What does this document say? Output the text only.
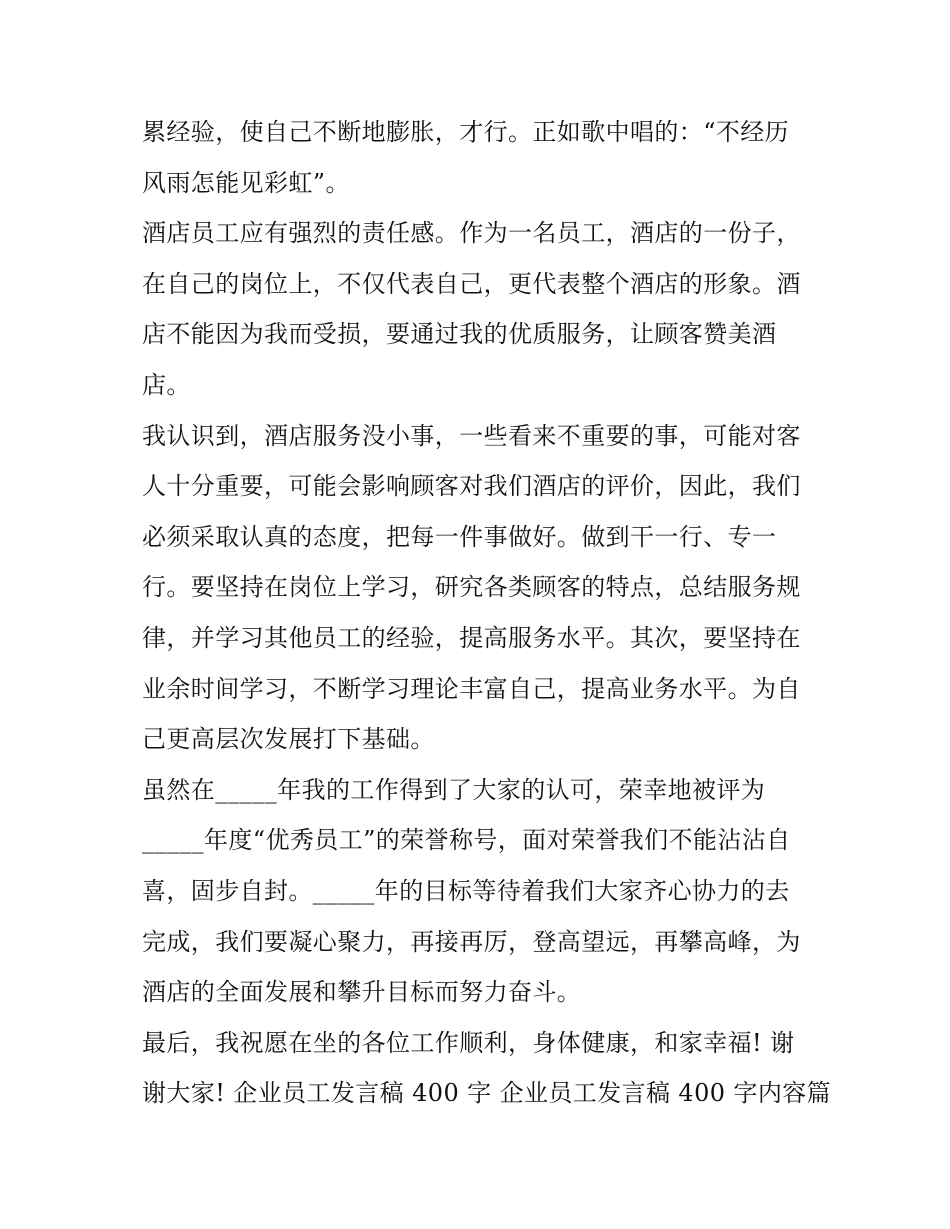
累经验，使自己不断地膨胀，才行。正如歌中唱的：“不经历
风雨怎能见彩虹”。
酒店员工应有强烈的责任感。作为一名员工，酒店的一份子，
在自己的岗位上，不仅代表自己，更代表整个酒店的形象。酒
店不能因为我而受损，要通过我的优质服务，让顾客赞美酒
店。
我认识到，酒店服务没小事，一些看来不重要的事，可能对客
人十分重要，可能会影响顾客对我们酒店的评价，因此，我们
必须采取认真的态度，把每一件事做好。做到干一行、专一
行。要坚持在岗位上学习，研究各类顾客的特点，总结服务规
律，并学习其他员工的经验，提高服务水平。其次，要坚持在
业余时间学习，不断学习理论丰富自己，提高业务水平。为自
己更高层次发展打下基础。
虽然在_____年我的工作得到了大家的认可，荣幸地被评为
_____年度“优秀员工”的荣誉称号，面对荣誉我们不能沾沾自
喜，固步自封。_____年的目标等待着我们大家齐心协力的去
完成，我们要凝心聚力，再接再厉，登高望远，再攀高峰，为
酒店的全面发展和攀升目标而努力奋斗。
最后，我祝愿在坐的各位工作顺利，身体健康，和家幸福! 谢
谢大家! 企业员工发言稿 400 字 企业员工发言稿 400 字内容篇
